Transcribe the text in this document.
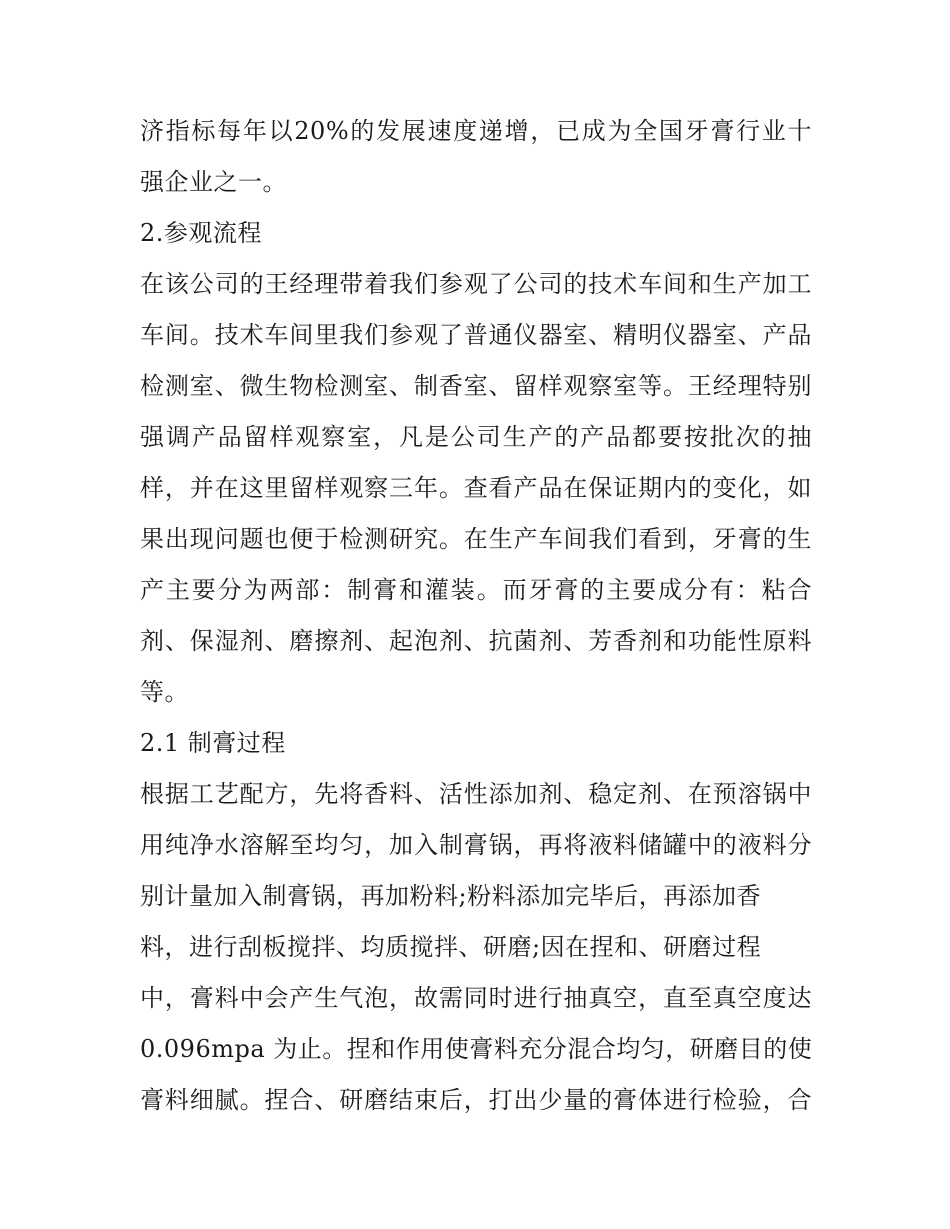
济指标每年以20%的发展速度递增，已成为全国牙膏行业十
强企业之一。
2.参观流程
在该公司的王经理带着我们参观了公司的技术车间和生产加工
车间。技术车间里我们参观了普通仪器室、精明仪器室、产品
检测室、微生物检测室、制香室、留样观察室等。王经理特别
强调产品留样观察室，凡是公司生产的产品都要按批次的抽
样，并在这里留样观察三年。查看产品在保证期内的变化，如
果出现问题也便于检测研究。在生产车间我们看到，牙膏的生
产主要分为两部：制膏和灌装。而牙膏的主要成分有：粘合
剂、保湿剂、磨擦剂、起泡剂、抗菌剂、芳香剂和功能性原料
等。
2.1 制膏过程
根据工艺配方，先将香料、活性添加剂、稳定剂、在预溶锅中
用纯净水溶解至均匀，加入制膏锅，再将液料储罐中的液料分
别计量加入制膏锅，再加粉料;粉料添加完毕后，再添加香
料，进行刮板搅拌、均质搅拌、研磨;因在捏和、研磨过程
中，膏料中会产生气泡，故需同时进行抽真空，直至真空度达
0.096mpa 为止。捏和作用使膏料充分混合均匀，研磨目的使
膏料细腻。捏合、研磨结束后，打出少量的膏体进行检验，合
